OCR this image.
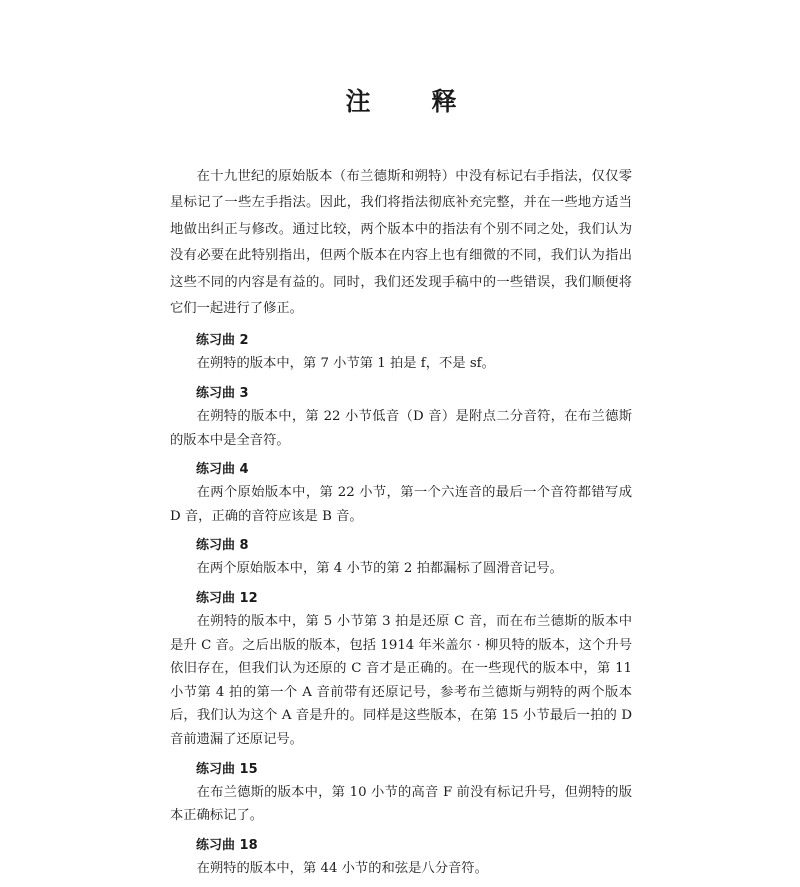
注　释

在十九世纪的原始版本（布兰德斯和朔特）中没有标记右手指法，仅仅零星标记了一些左手指法。因此，我们将指法彻底补充完整，并在一些地方适当地做出纠正与修改。通过比较，两个版本中的指法有个别不同之处，我们认为没有必要在此特别指出，但两个版本在内容上也有细微的不同，我们认为指出这些不同的内容是有益的。同时，我们还发现手稿中的一些错误，我们顺便将它们一起进行了修正。

练习曲 2

在朔特的版本中，第 7 小节第 1 拍是 f，不是 sf。

练习曲 3

在朔特的版本中，第 22 小节低音（D 音）是附点二分音符，在布兰德斯的版本中是全音符。

练习曲 4

在两个原始版本中，第 22 小节，第一个六连音的最后一个音符都错写成 D 音，正确的音符应该是 B 音。

练习曲 8

在两个原始版本中，第 4 小节的第 2 拍都漏标了圆滑音记号。

练习曲 12

在朔特的版本中，第 5 小节第 3 拍是还原 C 音，而在布兰德斯的版本中是升 C 音。之后出版的版本，包括 1914 年米盖尔 · 柳贝特的版本，这个升号依旧存在，但我们认为还原的 C 音才是正确的。在一些现代的版本中，第 11 小节第 4 拍的第一个 A 音前带有还原记号，参考布兰德斯与朔特的两个版本后，我们认为这个 A 音是升的。同样是这些版本，在第 15 小节最后一拍的 D 音前遗漏了还原记号。

练习曲 15

在布兰德斯的版本中，第 10 小节的高音 F 前没有标记升号，但朔特的版本正确标记了。

练习曲 18

在朔特的版本中，第 44 小节的和弦是八分音符。
